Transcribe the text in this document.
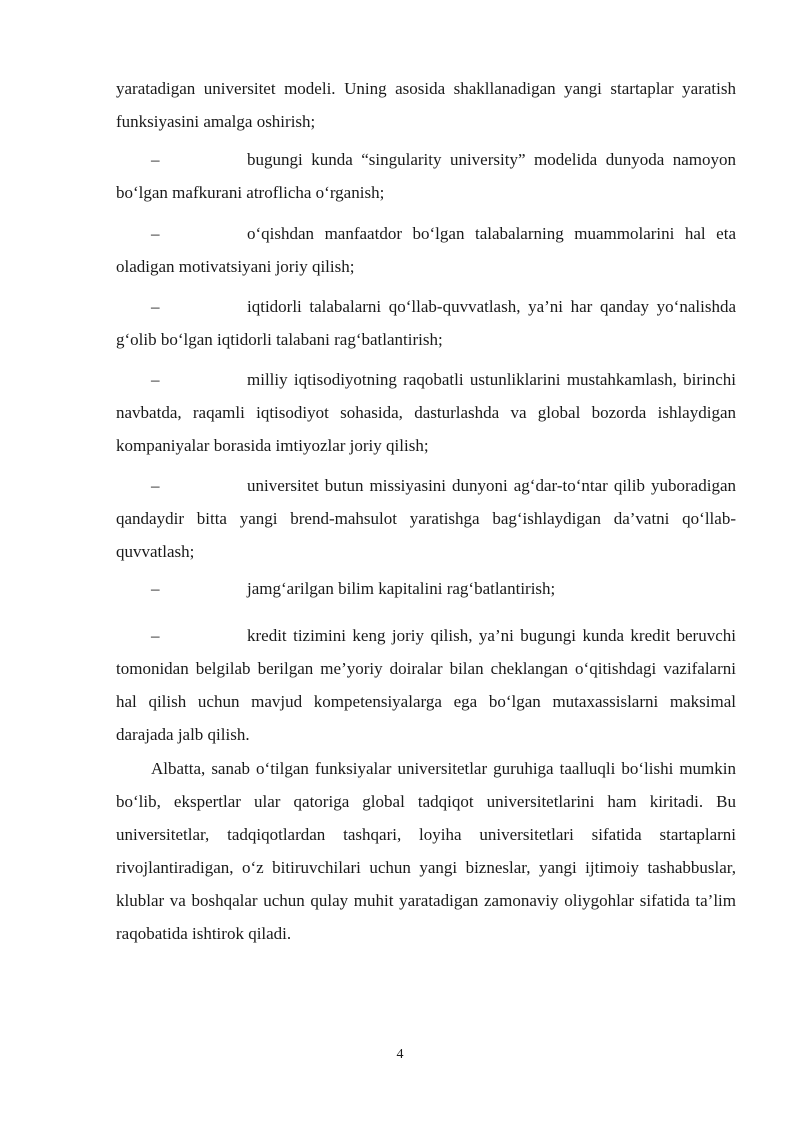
yaratadigan universitet modeli. Uning asosida shakllanadigan yangi startaplar yaratish funksiyasini amalga oshirish;
–	bugungi kunda “singularity university” modelida dunyoda namoyon bo‘lgan mafkurani atroflicha o‘rganish;
–	o‘qishdan manfaatdor bo‘lgan talabalarning muammolarini hal eta oladigan motivatsiyani joriy qilish;
–	iqtidorli talabalarni qo‘llab-quvvatlash, ya’ni har qanday yo‘nalishda g‘olib bo‘lgan iqtidorli talabani rag‘batlantirish;
–	milliy iqtisodiyotning raqobatli ustunliklarini mustahkamlash, birinchi navbatda, raqamli iqtisodiyot sohasida, dasturlashda va global bozorda ishlaydigan kompaniyalar borasida imtiyozlar joriy qilish;
–	universitet butun missiyasini dunyoni ag‘dar-to‘ntar qilib yuboradigan qandaydir bitta yangi brend-mahsulot yaratishga bag‘ishlaydigan da’vatni qo‘llab-quvvatlash;
–	jamg‘arilgan bilim kapitalini rag‘batlantirish;
–	kredit tizimini keng joriy qilish, ya’ni bugungi kunda kredit beruvchi tomonidan belgilab berilgan me’yoriy doiralar bilan cheklangan o‘qitishdagi vazifalarni hal qilish uchun mavjud kompetensiyalarga ega bo‘lgan mutaxassislarni maksimal darajada jalb qilish.
Albatta, sanab o‘tilgan funksiyalar universitetlar guruhiga taalluqli bo‘lishi mumkin bo‘lib, ekspertlar ular qatoriga global tadqiqot universitetlarini ham kiritadi. Bu universitetlar, tadqiqotlardan tashqari, loyiha universitetlari sifatida startaplarni rivojlantiradigan, o‘z bitiruvchilari uchun yangi bizneslar, yangi ijtimoiy tashabbuslar, klublar va boshqalar uchun qulay muhit yaratadigan zamonaviy oliygohlar sifatida ta’lim raqobatida ishtirok qiladi.
4
